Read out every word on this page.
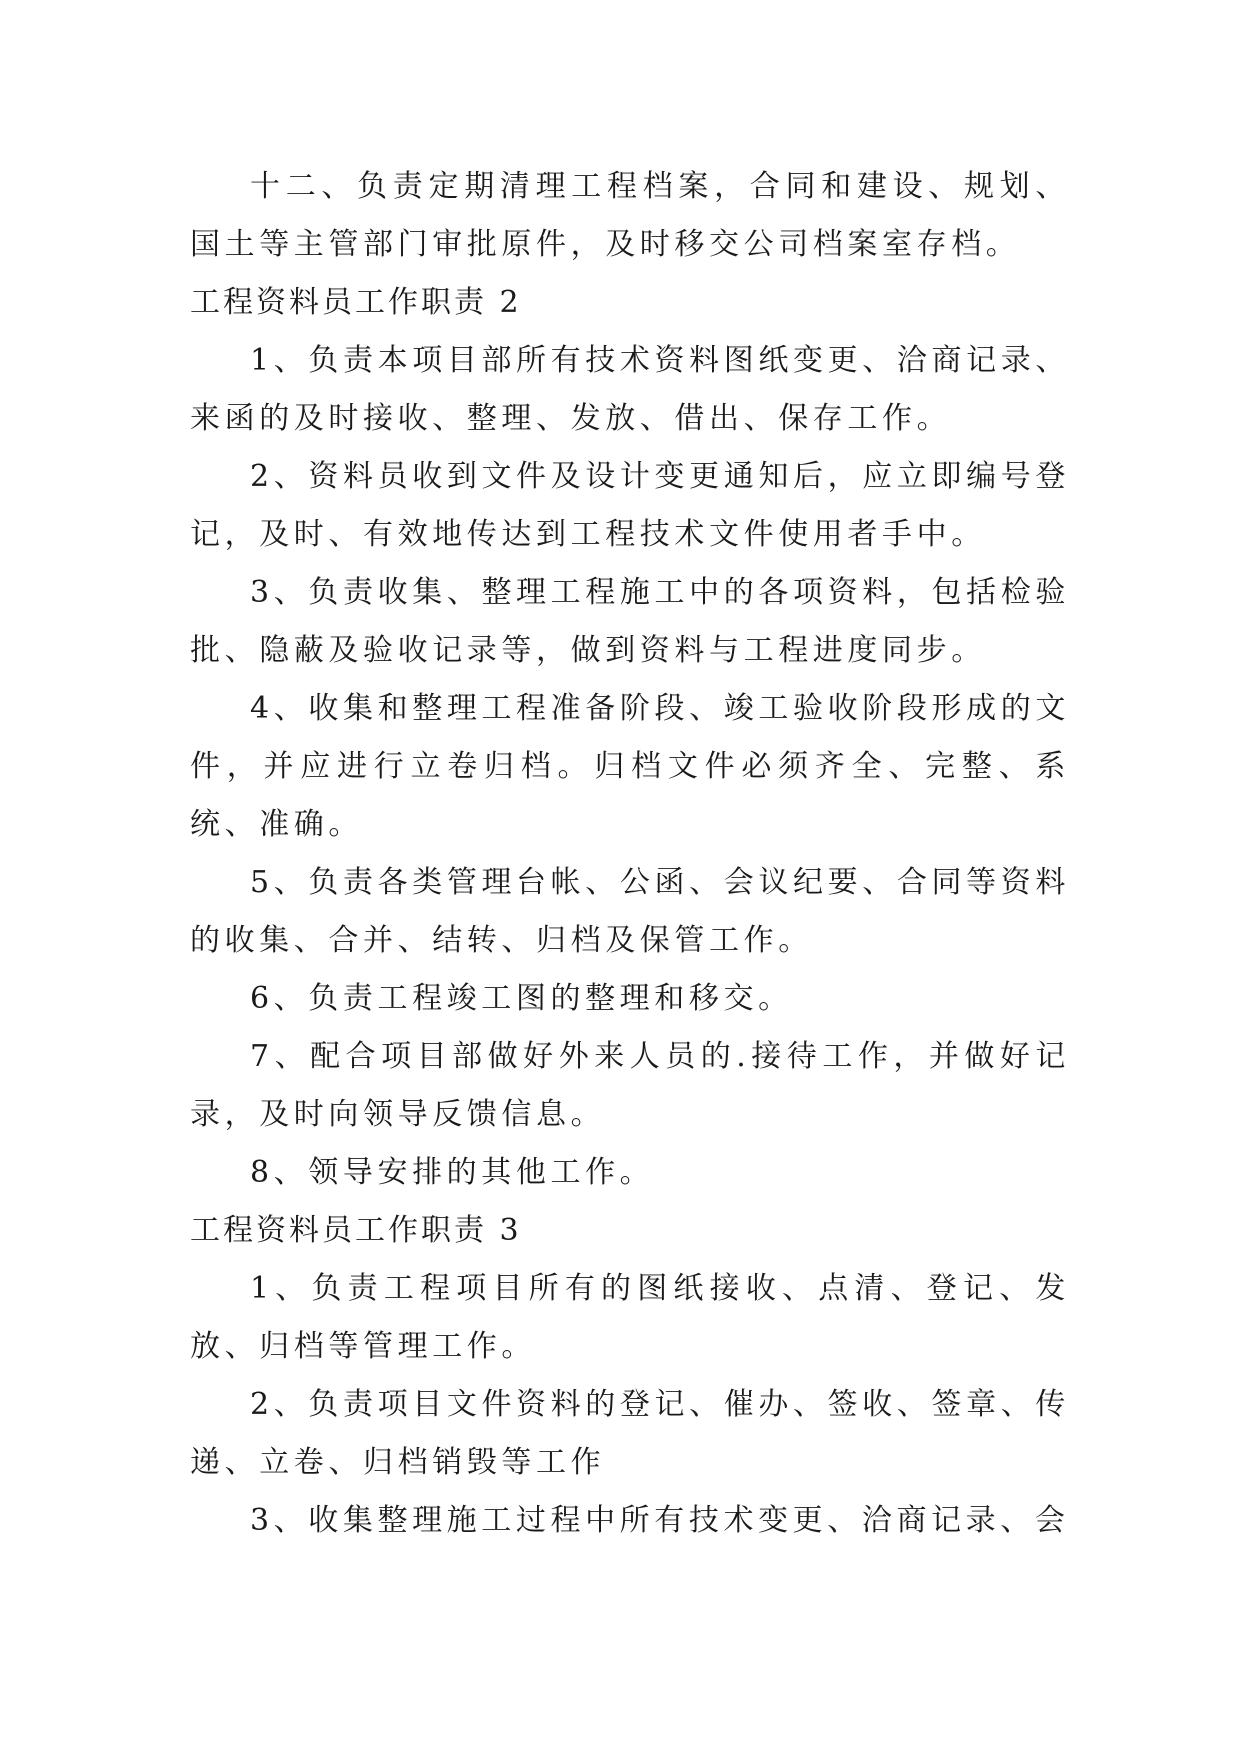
十二、负责定期清理工程档案，合同和建设、规划、国土等主管部门审批原件，及时移交公司档案室存档。

工程资料员工作职责 2

1、负责本项目部所有技术资料图纸变更、洽商记录、来函的及时接收、整理、发放、借出、保存工作。

2、资料员收到文件及设计变更通知后，应立即编号登记，及时、有效地传达到工程技术文件使用者手中。

3、负责收集、整理工程施工中的各项资料，包括检验批、隐蔽及验收记录等，做到资料与工程进度同步。

4、收集和整理工程准备阶段、竣工验收阶段形成的文件，并应进行立卷归档。归档文件必须齐全、完整、系统、准确。

5、负责各类管理台帐、公函、会议纪要、合同等资料的收集、合并、结转、归档及保管工作。

6、负责工程竣工图的整理和移交。

7、配合项目部做好外来人员的.接待工作，并做好记录，及时向领导反馈信息。

8、领导安排的其他工作。

工程资料员工作职责 3

1、负责工程项目所有的图纸接收、点清、登记、发放、归档等管理工作。

2、负责项目文件资料的登记、催办、签收、签章、传递、立卷、归档销毁等工作

3、收集整理施工过程中所有技术变更、洽商记录、会
